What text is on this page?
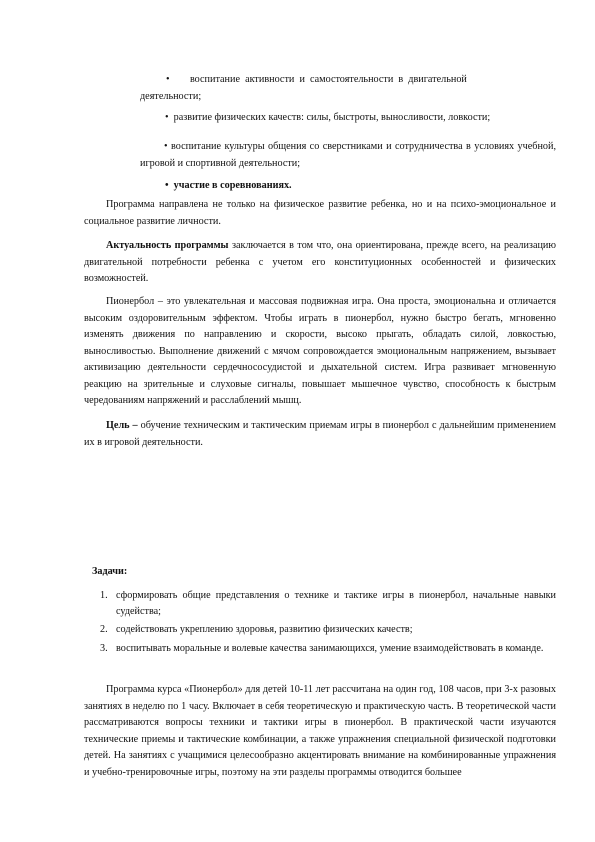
•        воспитание  активности  и  самостоятельности  в  двигательной
деятельности;
•  развитие физических качеств: силы, быстроты, выносливости, ловкости;
• воспитание культуры общения со сверстниками и сотрудничества в условиях учебной, игровой и спортивной деятельности;
•  участие в соревнованиях.
Программа направлена не только на физическое развитие ребенка, но и на психо-эмоциональное и социальное развитие личности.
Актуальность программы заключается в том что, она ориентирована, прежде всего, на реализацию двигательной потребности ребенка с учетом его конституционных особенностей и физических возможностей.
Пионербол – это увлекательная и массовая подвижная игра. Она проста, эмоциональна и отличается высоким оздоровительным эффектом. Чтобы играть в пионербол, нужно быстро бегать, мгновенно изменять движения по направлению и скорости, высоко прыгать, обладать силой, ловкостью, выносливостью. Выполнение движений с мячом сопровождается эмоциональным напряжением, вызывает активизацию деятельности сердечнососудистой и дыхательной систем. Игра развивает мгновенную реакцию на зрительные и слуховые сигналы, повышает мышечное чувство, способность к быстрым чередованиям напряжений и расслаблений мышц.
Цель – обучение техническим и тактическим приемам игры в пионербол с дальнейшим применением их в игровой деятельности.
Задачи:
1. сформировать общие представления о технике и тактике игры в пионербол, начальные навыки судейства;
2. содействовать укреплению здоровья, развитию физических качеств;
3. воспитывать моральные и волевые качества занимающихся, умение взаимодействовать в команде.
Программа курса «Пионербол» для детей 10-11 лет рассчитана на один год, 108 часов, при 3-х разовых занятиях в неделю по 1 часу. Включает в себя теоретическую и практическую часть. В теоретической части рассматриваются вопросы техники и тактики игры в пионербол. В практической части изучаются технические приемы и тактические комбинации, а также упражнения специальной физической подготовки детей. На занятиях с учащимися целесообразно акцентировать внимание на комбинированные упражнения и учебно-тренировочные игры, поэтому на эти разделы программы отводится большее
